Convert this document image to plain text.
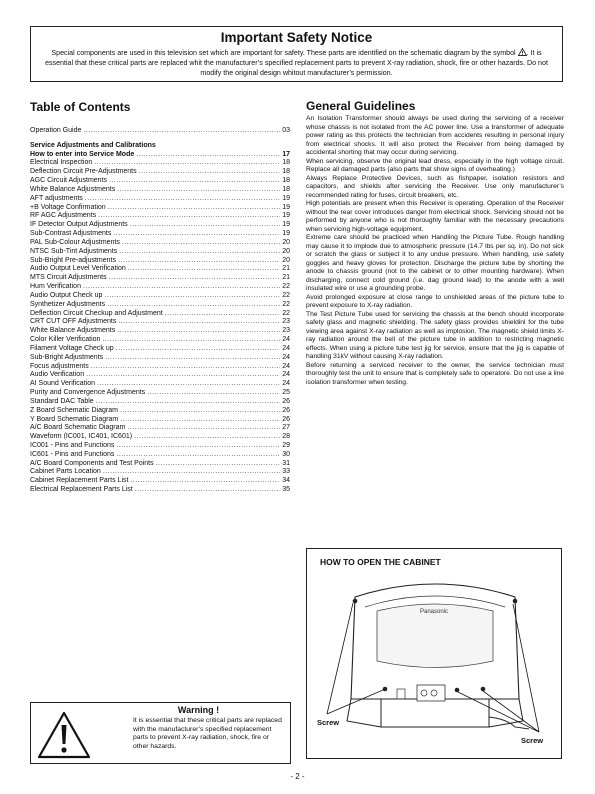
Important Safety Notice

Special components are used in this television set which are important for safety. These parts are identified on the schematic diagram by the symbol . It is essential that these critical parts are replaced whit the manufacturer’s specified replacement parts to prevent X-ray radiation, shock, fire or other hazards. Do not modify the original design whitout manufacturer’s permission.

Table of Contents

Operation Guide .....	03
Service Adjustments and Calibrations
How to enter into Service Mode .....	17
Electrical Inspection .....	18
Deflection Circuit Pre-Adjustments .....	18
AGC Circuit Adjustments .....	18
White Balance Adjustments .....	18
AFT adjustments .....	19
+B Voltage Confirmation .....	19
RF AGC Adjustments .....	19
IF Detector Output Adjustments .....	19
Sub-Contrast Adjustments .....	19
PAL Sub-Colour Adjustments .....	20
NTSC Sub-Tint Adjustments .....	20
Sub-Bright Pre-adjustments .....	20
Audio Output Level Verification .....	21
MTS Circuit Adjustments .....	21
Hum Verification .....	22
Audio Output Check up .....	22
Synthetizer Adjustments .....	22
Deflection Circuit Checkup and Adjustment .....	22
CRT CUT OFF Adjustments .....	23
White Balance Adjustments .....	23
Color Killer Verification .....	24
Filament Voltage Check up .....	24
Sub-Bright Adjustments .....	24
Focus adjustments .....	24
Audio Verification .....	24
AI Sound Verification .....	24
Purity and Convergence Adjustments .....	25
Standard DAC Table .....	26
Z Board Schematic Diagram .....	26
Y Board Schematic Diagram .....	26
A/C Board Schematic Diagram .....	27
Waveform (IC001, IC401, IC601) .....	28
IC001 - Pins and Functions .....	29
IC601 - Pins and Functions .....	30
A/C Board Components and Test Points .....	31
Cabinet Parts Location .....	33
Cabinet Replacement Parts List .....	34
Electrical Replacement Parts List .....	35

General Guidelines

An Isolation Transformer should always be used during the servicing of a receiver whose chassis is not isolated from the AC power line. Use a transformer of adequate power rating as this protects the technician from accidents resulting in personal injury from electrical shocks. It will also protect the Receiver from being damaged by accidental shorting that may occur during servicing.

When servicing, observe the original lead dress, especially in the high voltage circuit. Replace all damaged parts (also parts that show signs of overheating.)

Always Replace Protective Devices, such as fishpaper, isolation resistors and capacitors, and shields after servicing the Receiver. Use only manufacturer’s recommended rating for fuses, circuit breakers, etc.

High potentials are present when this Receiver is operating. Operation of the Receiver without the rear cover introduces danger from electrical shock. Servicing should not be performed by anyone who is not thoroughly familiar with the necessary precautions when servicing high-voltage equipment.

Extreme care should be practiced when Handling the Picture Tube. Rough handling may cause it to implode due to atmospheric pressure (14.7 lbs per sq. in). Do not sick or scratch the glass or subject it to any undue pressure. When handling, use safety goggles and heavy gloves for protection. Discharge the picture tube by shorting the anode to chassis ground (not to the cabinet or to other mounting hardware). When discharging, connect cold ground (i.e. dag ground lead) to the anode with a well insulated wire or use a grounding probe.

Avoid prolonged exposure at close range to unshielded areas of the picture tube to prevent exposure to X-ray radiation.

The Test Picture Tube used for servicing the chassis at the bench should incorporate safety glass and magnetic shielding. The safety glass provides shieldinl for the tube viewing area against X-ray radiation as well as implosion. The magnetic shield limits X-ray radiation around the bell of the picture tube in addition to restricting magnetic effects. When using a picture tube test jig for service, ensure that the jig is capable of handling 31kV without causing X-ray radiation.

Before returning a serviced receiver to the owner, the service technician must thoroughly test the unit to ensure that is completely safe to operatore. Do not use a line isolation transformer when testing.

Warning !
It is essential that these critical parts are replaced with the manufacturer’s specified replacement parts to prevent X-ray radiation, shock, fire or other hazards.
HOW TO OPEN THE CABINET
Panasonic
Screw
Screw
- 2 -
